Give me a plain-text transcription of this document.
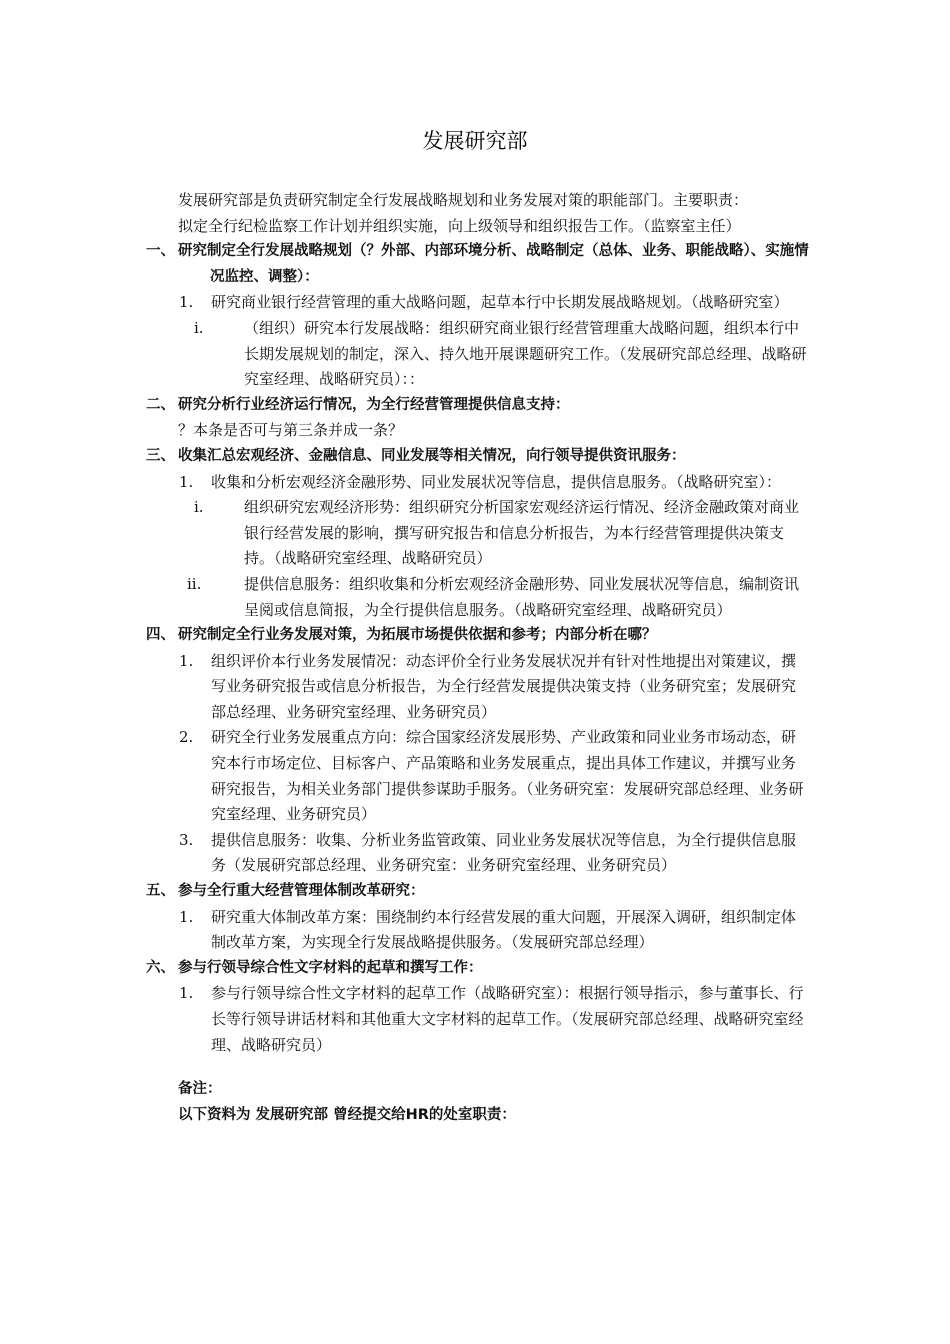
发展研究部

发展研究部是负责研究制定全行发展战略规划和业务发展对策的职能部门。主要职责：

拟定全行纪检监察工作计划并组织实施，向上级领导和组织报告工作。（监察室主任）

一、 研究制定全行发展战略规划（？外部、内部环境分析、战略制定（总体、业务、职能战略）、实施情况监控、调整）：
1. 研究商业银行经营管理的重大战略问题，起草本行中长期发展战略规划。（战略研究室）
i.	（组织）研究本行发展战略：组织研究商业银行经营管理重大战略问题，组织本行中长期发展规划的制定，深入、持久地开展课题研究工作。（发展研究部总经理、战略研究室经理、战略研究员）：：
二、 研究分析行业经济运行情况，为全行经营管理提供信息支持：

？本条是否可与第三条并成一条？

三、 收集汇总宏观经济、金融信息、同业发展等相关情况，向行领导提供资讯服务：
1. 收集和分析宏观经济金融形势、同业发展状况等信息，提供信息服务。（战略研究室）：
i.	组织研究宏观经济形势：组织研究分析国家宏观经济运行情况、经济金融政策对商业银行经营发展的影响，撰写研究报告和信息分析报告，为本行经营管理提供决策支持。（战略研究室经理、战略研究员）
ii.	提供信息服务：组织收集和分析宏观经济金融形势、同业发展状况等信息，编制资讯呈阅或信息简报，为全行提供信息服务。（战略研究室经理、战略研究员）
四、 研究制定全行业务发展对策，为拓展市场提供依据和参考；内部分析在哪？
1. 组织评价本行业务发展情况：动态评价全行业务发展状况并有针对性地提出对策建议，撰写业务研究报告或信息分析报告，为全行经营发展提供决策支持（业务研究室；发展研究部总经理、业务研究室经理、业务研究员）
2. 研究全行业务发展重点方向：综合国家经济发展形势、产业政策和同业业务市场动态，研究本行市场定位、目标客户、产品策略和业务发展重点，提出具体工作建议，并撰写业务研究报告，为相关业务部门提供参谋助手服务。（业务研究室：发展研究部总经理、业务研究室经理、业务研究员）
3. 提供信息服务：收集、分析业务监管政策、同业业务发展状况等信息，为全行提供信息服务（发展研究部总经理、业务研究室：业务研究室经理、业务研究员）
五、 参与全行重大经营管理体制改革研究：
1. 研究重大体制改革方案：围绕制约本行经营发展的重大问题，开展深入调研，组织制定体制改革方案，为实现全行发展战略提供服务。（发展研究部总经理）
六、 参与行领导综合性文字材料的起草和撰写工作：
1. 参与行领导综合性文字材料的起草工作（战略研究室）：根据行领导指示，参与董事长、行长等行领导讲话材料和其他重大文字材料的起草工作。（发展研究部总经理、战略研究室经理、战略研究员）

备注：

以下资料为 发展研究部 曾经提交给HR的处室职责：
